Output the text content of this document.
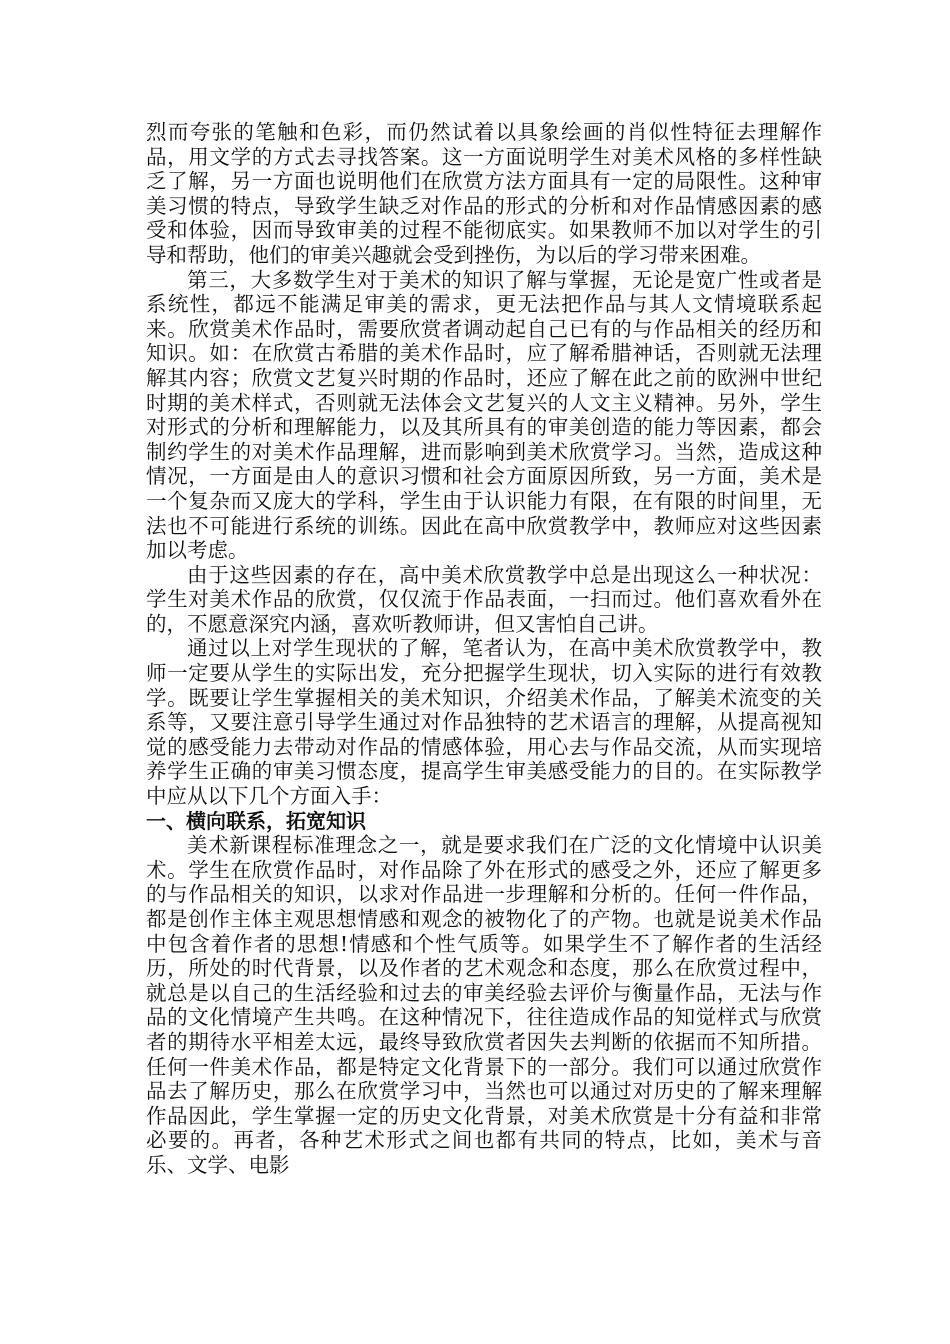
烈而夸张的笔触和色彩，而仍然试着以具象绘画的肖似性特征去理解作品，用文学的方式去寻找答案。这一方面说明学生对美术风格的多样性缺乏了解，另一方面也说明他们在欣赏方法方面具有一定的局限性。这种审美习惯的特点，导致学生缺乏对作品的形式的分析和对作品情感因素的感受和体验，因而导致审美的过程不能彻底实。如果教师不加以对学生的引导和帮助，他们的审美兴趣就会受到挫伤，为以后的学习带来困难。

第三，大多数学生对于美术的知识了解与掌握，无论是宽广性或者是系统性，都远不能满足审美的需求，更无法把作品与其人文情境联系起来。欣赏美术作品时，需要欣赏者调动起自己已有的与作品相关的经历和知识。如：在欣赏古希腊的美术作品时，应了解希腊神话，否则就无法理解其内容；欣赏文艺复兴时期的作品时，还应了解在此之前的欧洲中世纪时期的美术样式，否则就无法体会文艺复兴的人文主义精神。另外，学生对形式的分析和理解能力，以及其所具有的审美创造的能力等因素，都会制约学生的对美术作品理解，进而影响到美术欣赏学习。当然，造成这种情况，一方面是由人的意识习惯和社会方面原因所致，另一方面，美术是一个复杂而又庞大的学科，学生由于认识能力有限，在有限的时间里，无法也不可能进行系统的训练。因此在高中欣赏教学中，教师应对这些因素加以考虑。

由于这些因素的存在，高中美术欣赏教学中总是出现这么一种状况：学生对美术作品的欣赏，仅仅流于作品表面，一扫而过。他们喜欢看外在的，不愿意深究内涵，喜欢听教师讲，但又害怕自己讲。

通过以上对学生现状的了解，笔者认为，在高中美术欣赏教学中，教师一定要从学生的实际出发，充分把握学生现状，切入实际的进行有效教学。既要让学生掌握相关的美术知识，介绍美术作品，了解美术流变的关系等，又要注意引导学生通过对作品独特的艺术语言的理解，从提高视知觉的感受能力去带动对作品的情感体验，用心去与作品交流，从而实现培养学生正确的审美习惯态度，提高学生审美感受能力的目的。在实际教学中应从以下几个方面入手：

一、横向联系，拓宽知识

美术新课程标准理念之一，就是要求我们在广泛的文化情境中认识美术。学生在欣赏作品时，对作品除了外在形式的感受之外，还应了解更多的与作品相关的知识，以求对作品进一步理解和分析的。任何一件作品，都是创作主体主观思想情感和观念的被物化了的产物。也就是说美术作品中包含着作者的思想!情感和个性气质等。如果学生不了解作者的生活经历，所处的时代背景，以及作者的艺术观念和态度，那么在欣赏过程中，就总是以自己的生活经验和过去的审美经验去评价与衡量作品，无法与作品的文化情境产生共鸣。在这种情况下，往往造成作品的知觉样式与欣赏者的期待水平相差太远，最终导致欣赏者因失去判断的依据而不知所措。任何一件美术作品，都是特定文化背景下的一部分。我们可以通过欣赏作品去了解历史，那么在欣赏学习中，当然也可以通过对历史的了解来理解作品因此，学生掌握一定的历史文化背景，对美术欣赏是十分有益和非常必要的。再者，各种艺术形式之间也都有共同的特点，比如，美术与音乐、文学、电影
